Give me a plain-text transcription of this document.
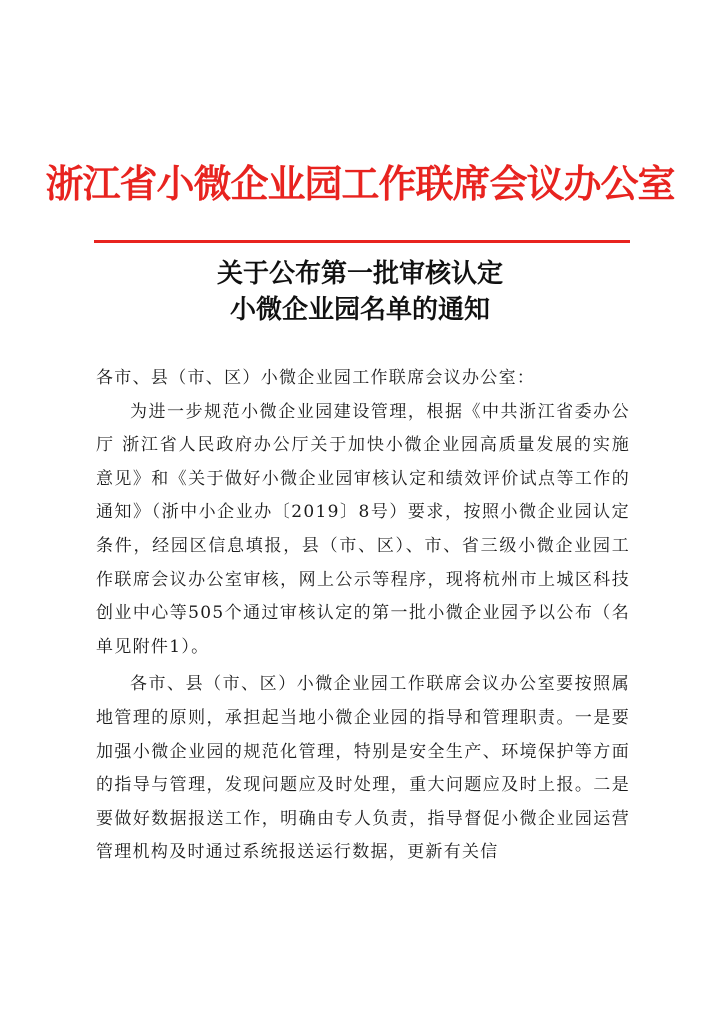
浙江省小微企业园工作联席会议办公室
关于公布第一批审核认定
小微企业园名单的通知

各市、县（市、区）小微企业园工作联席会议办公室：

为进一步规范小微企业园建设管理，根据《中共浙江省委办公厅 浙江省人民政府办公厅关于加快小微企业园高质量发展的实施意见》和《关于做好小微企业园审核认定和绩效评价试点等工作的通知》（浙中小企业办〔2019〕8号）要求，按照小微企业园认定条件，经园区信息填报，县（市、区）、市、省三级小微企业园工作联席会议办公室审核，网上公示等程序，现将杭州市上城区科技创业中心等505个通过审核认定的第一批小微企业园予以公布（名单见附件1）。

各市、县（市、区）小微企业园工作联席会议办公室要按照属地管理的原则，承担起当地小微企业园的指导和管理职责。一是要加强小微企业园的规范化管理，特别是安全生产、环境保护等方面的指导与管理，发现问题应及时处理，重大问题应及时上报。二是要做好数据报送工作，明确由专人负责，指导督促小微企业园运营管理机构及时通过系统报送运行数据，更新有关信
